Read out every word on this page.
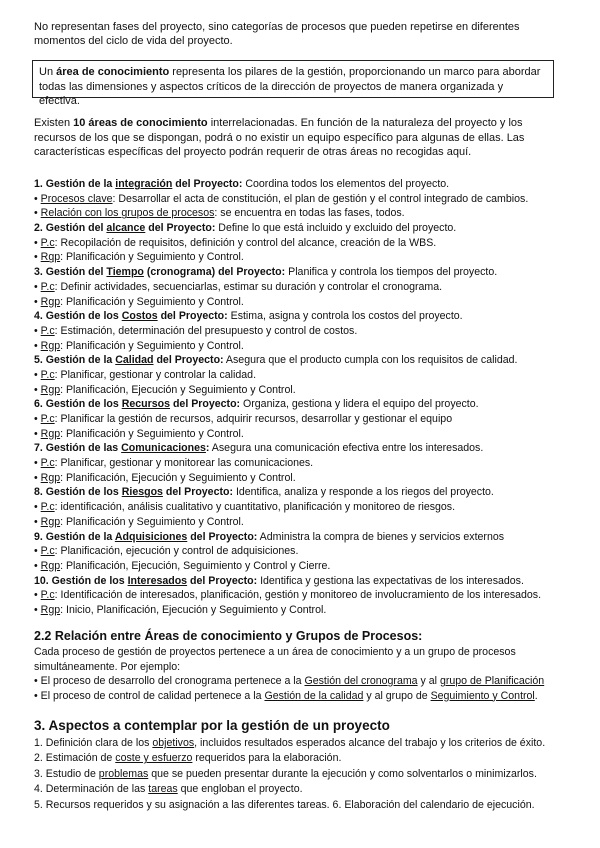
No representan fases del proyecto, sino categorías de procesos que pueden repetirse en diferentes
momentos del ciclo de vida del proyecto.
Un área de conocimiento representa los pilares de la gestión, proporcionando un marco para abordar
todas las dimensiones y aspectos críticos de la dirección de proyectos de manera organizada y efectiva.
Existen 10 áreas de conocimiento interrelacionadas. En función de la naturaleza del proyecto y los
recursos de los que se dispongan, podrá o no existir un equipo específico para algunas de ellas. Las
características específicas del proyecto podrán requerir de otras áreas no recogidas aquí.
1. Gestión de la integración del Proyecto: Coordina todos los elementos del proyecto.
• Procesos clave: Desarrollar el acta de constitución, el plan de gestión y el control integrado de cambios.
• Relación con los grupos de procesos: se encuentra en todas las fases, todos.
2. Gestión del alcance del Proyecto: Define lo que está incluido y excluido del proyecto.
• P.c: Recopilación de requisitos, definición y control del alcance, creación de la WBS.
• Rgp: Planificación y Seguimiento y Control.
3. Gestión del Tiempo (cronograma) del Proyecto: Planifica y controla los tiempos del proyecto.
• P.c: Definir actividades, secuenciarlas, estimar su duración y controlar el cronograma.
• Rgp: Planificación y Seguimiento y Control.
4. Gestión de los Costos del Proyecto: Estima, asigna y controla los costos del proyecto.
• P.c: Estimación, determinación del presupuesto y control de costos.
• Rgp: Planificación y Seguimiento y Control.
5. Gestión de la Calidad del Proyecto: Asegura que el producto cumpla con los requisitos de calidad.
• P.c: Planificar, gestionar y controlar la calidad.
• Rgp: Planificación, Ejecución y Seguimiento y Control.
6. Gestión de los Recursos del Proyecto: Organiza, gestiona y lidera el equipo del proyecto.
• P.c: Planificar la gestión de recursos, adquirir recursos, desarrollar y gestionar el equipo
• Rgp: Planificación y Seguimiento y Control.
7. Gestión de las Comunicaciones: Asegura una comunicación efectiva entre los interesados.
• P.c: Planificar, gestionar y monitorear las comunicaciones.
• Rgp: Planificación, Ejecución y Seguimiento y Control.
8. Gestión de los Riesgos del Proyecto: Identifica, analiza y responde a los riegos del proyecto.
• P.c: identificación, análisis cualitativo y cuantitativo, planificación y monitoreo de riesgos.
• Rgp: Planificación y Seguimiento y Control.
9. Gestión de la Adquisiciones del Proyecto: Administra la compra de bienes y servicios externos
• P.c: Planificación, ejecución y control de adquisiciones.
• Rgp: Planificación, Ejecución, Seguimiento y Control y Cierre.
10. Gestión de los Interesados del Proyecto: Identifica y gestiona las expectativas de los interesados.
• P.c: Identificación de interesados, planificación, gestión y monitoreo de involucramiento de los interesados.
• Rgp: Inicio, Planificación, Ejecución y Seguimiento y Control.
2.2 Relación entre Áreas de conocimiento y Grupos de Procesos:
Cada proceso de gestión de proyectos pertenece a un área de conocimiento y a un grupo de procesos
simultáneamente. Por ejemplo:
• El proceso de desarrollo del cronograma pertenece a la Gestión del cronograma y al grupo de Planificación
• El proceso de control de calidad pertenece a la Gestión de la calidad y al grupo de Seguimiento y Control.
3. Aspectos a contemplar por la gestión de un proyecto
1. Definición clara de los objetivos, incluidos resultados esperados alcance del trabajo y los criterios de éxito.
2. Estimación de coste y esfuerzo requeridos para la elaboración.
3. Estudio de problemas que se pueden presentar durante la ejecución y como solventarlos o minimizarlos.
4. Determinación de las tareas que engloban el proyecto.
5. Recursos requeridos y su asignación a las diferentes tareas. 6. Elaboración del calendario de ejecución.
